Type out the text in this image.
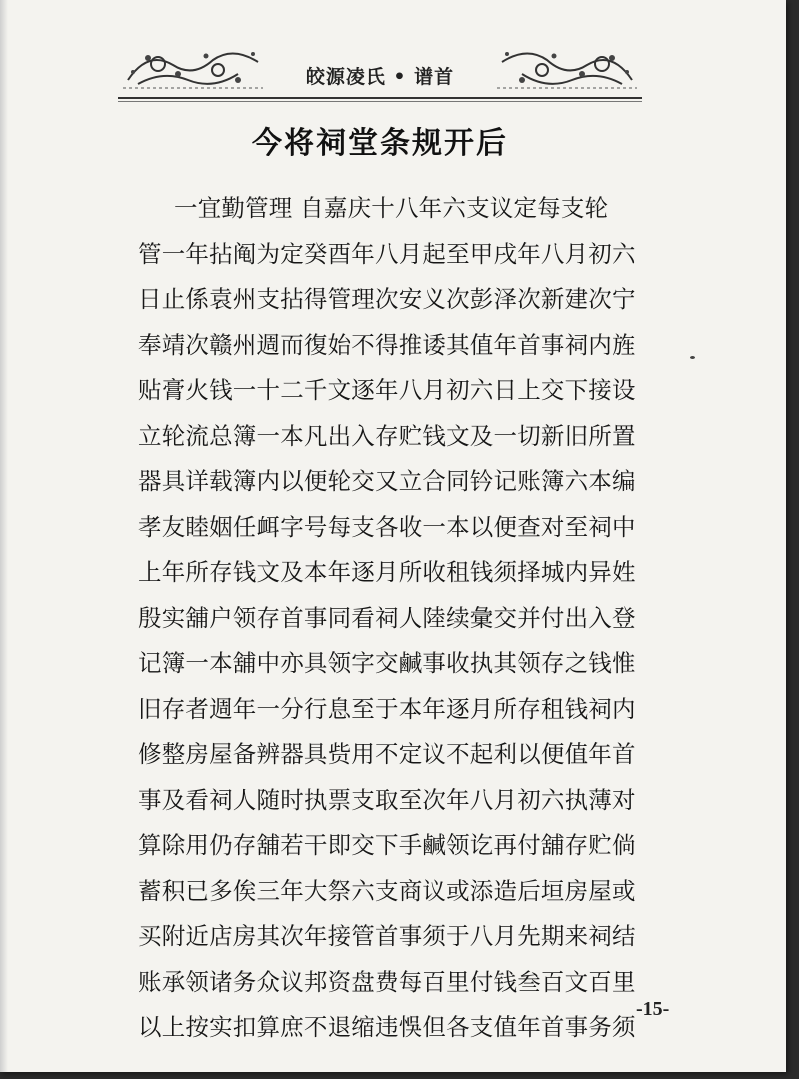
皎源凌氏 • 谱首
今将祠堂条规开后
一宜勤管理 自嘉庆十八年六支议定每支轮
管一年拈阄为定癸酉年八月起至甲戌年八月初六
日止係袁州支拈得管理次安义次彭泽次新建次宁
奉靖次赣州週而復始不得推诿其值年首事祠内旌
贴膏火钱一十二千文逐年八月初六日上交下接设
立轮流总簿一本凡出入存贮钱文及一切新旧所置
器具详载簿内以便轮交又立合同钤记账簿六本编
孝友睦姻任衈字号每支各收一本以便查对至祠中
上年所存钱文及本年逐月所收租钱须择城内异姓
殷实舖户领存首事同看祠人陸续彙交并付出入登
记簿一本舖中亦具领字交鹹事收执其领存之钱惟
旧存者週年一分行息至于本年逐月所存租钱祠内
修整房屋备辨器具赀用不定议不起利以便值年首
事及看祠人随时执票支取至次年八月初六执薄对
算除用仍存舖若干即交下手鹹领讫再付舖存贮倘
蓄积已多俟三年大祭六支商议或添造后垣房屋或
买附近店房其次年接管首事须于八月先期来祠结
账承领诸务众议邦资盘费每百里付钱叁百文百里
以上按实扣算庶不退缩违悞但各支值年首事务须
-15-
